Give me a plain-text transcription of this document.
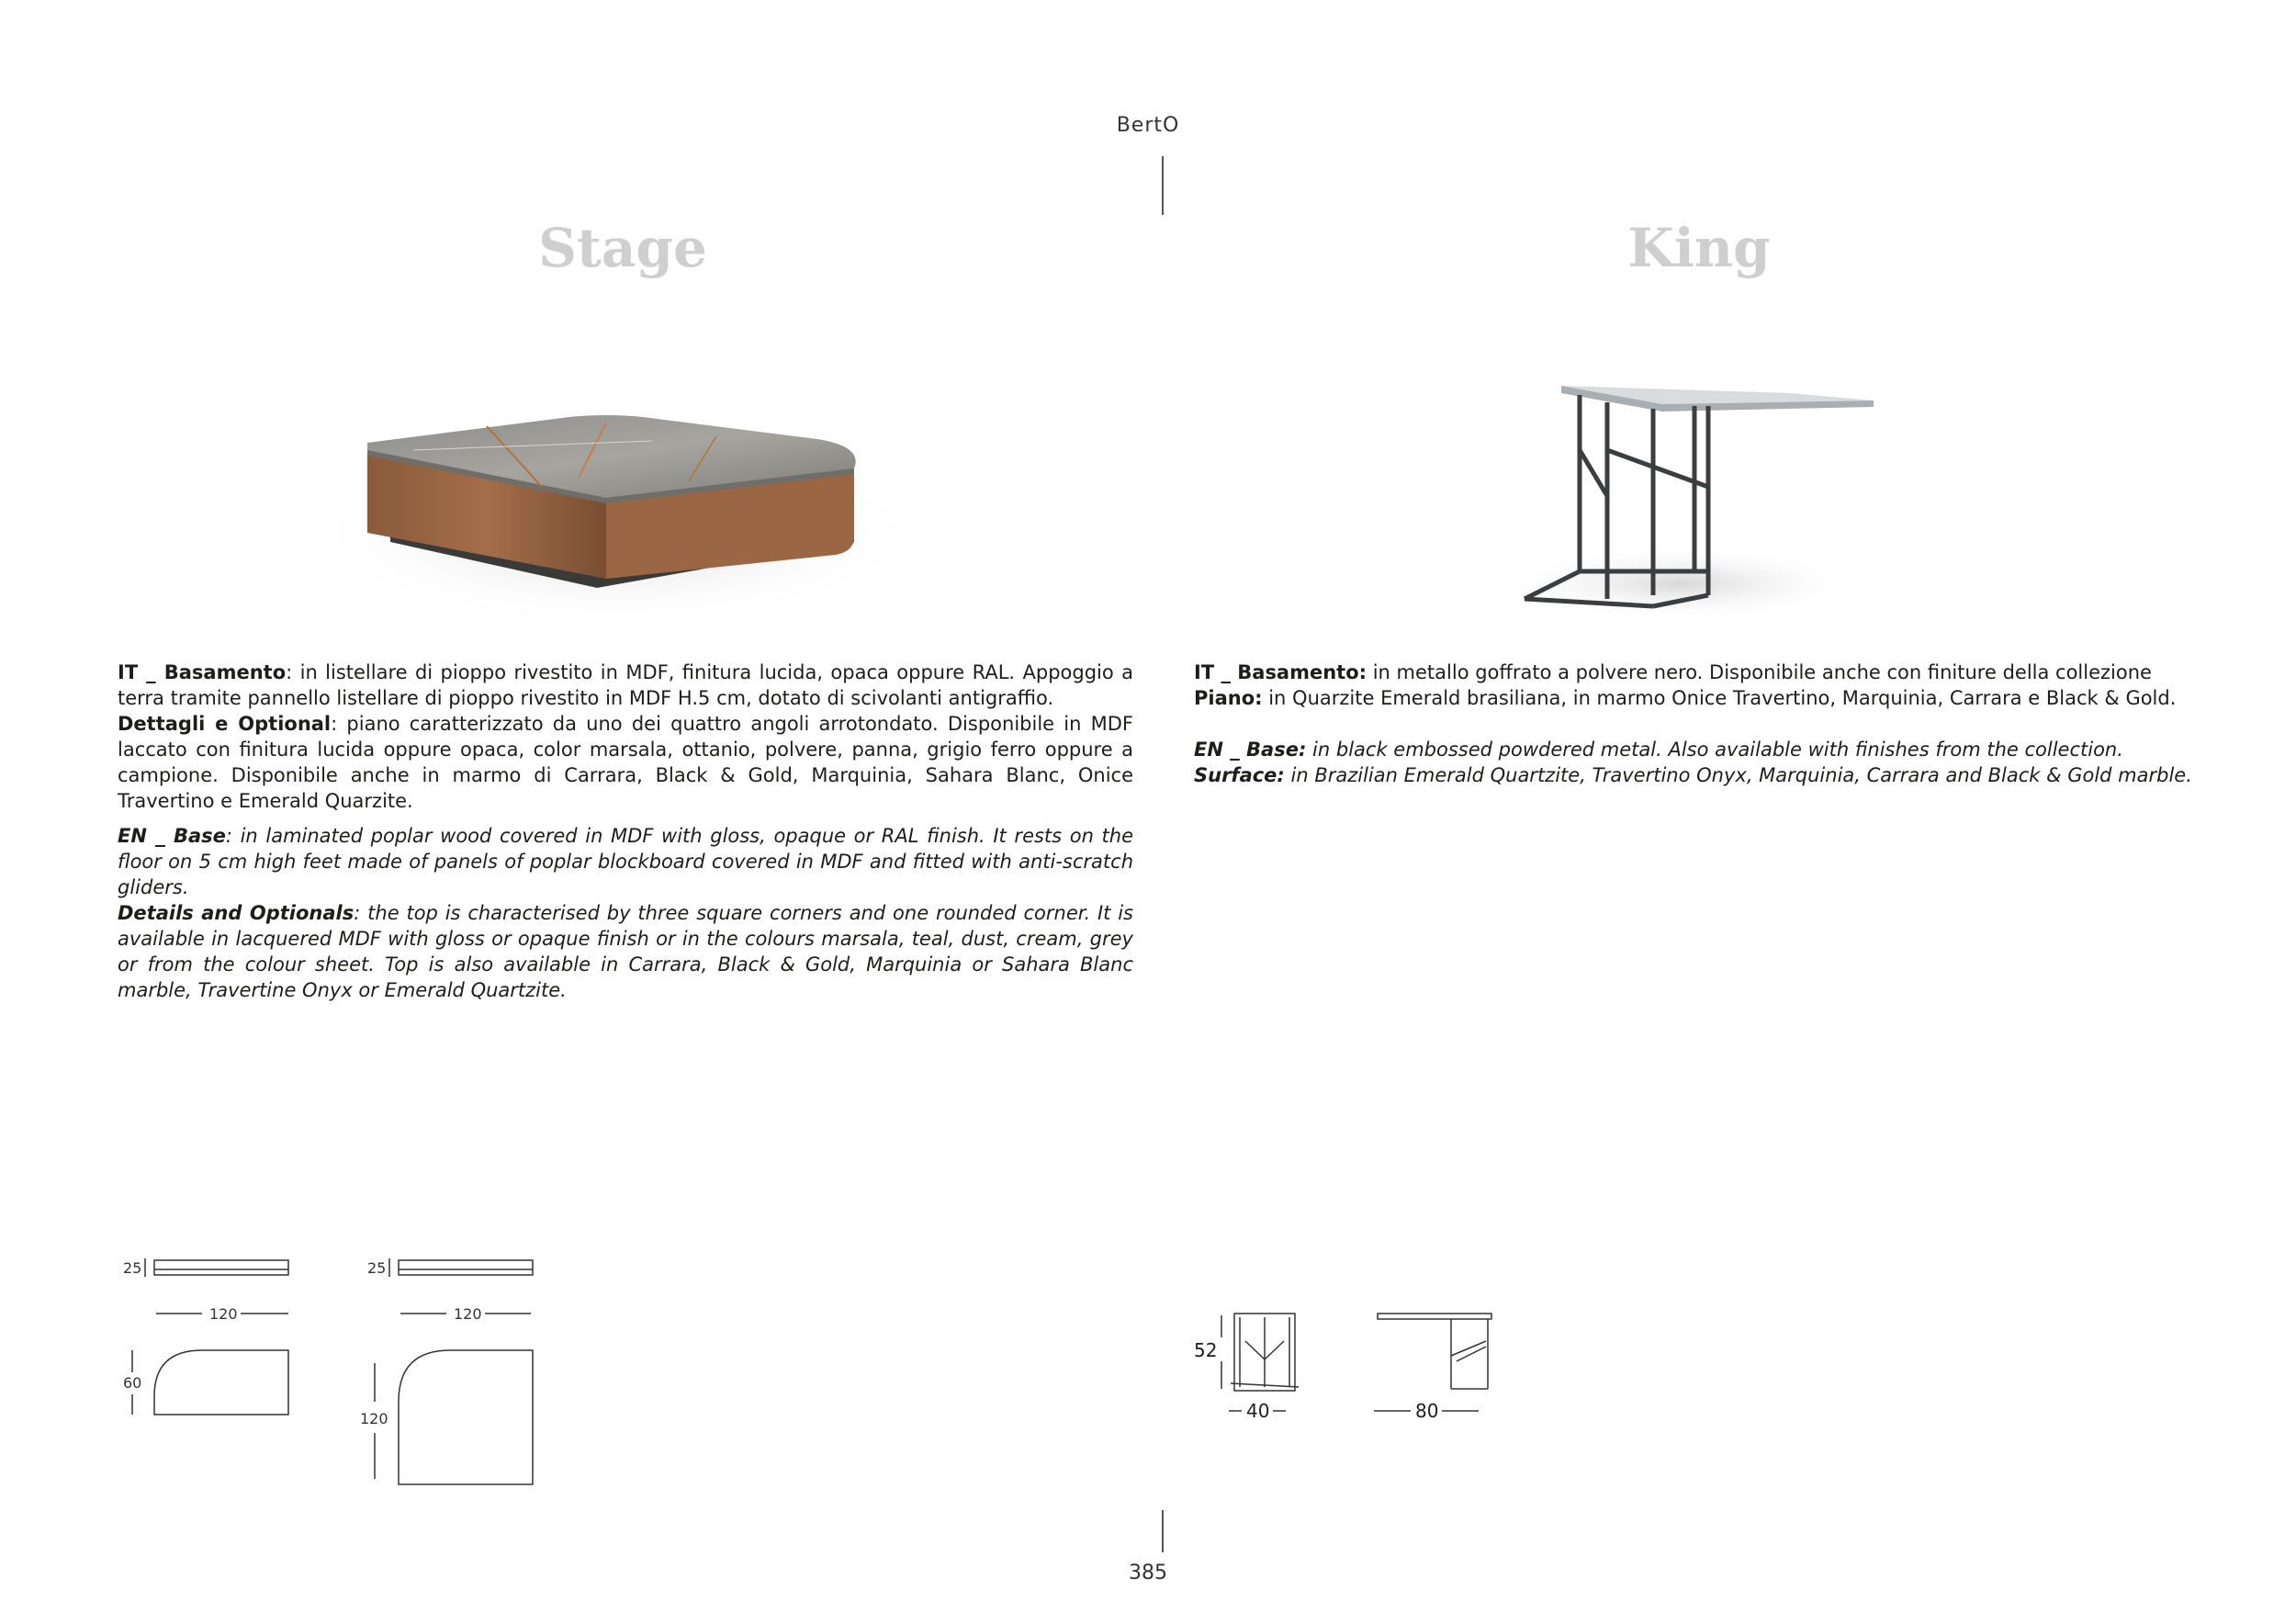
BertO
Stage	King

IT _ Basamento: in listellare di pioppo rivestito in MDF, finitura lucida, opaca oppure RAL. Appoggio a terra tramite pannello listellare di pioppo rivestito in MDF H.5 cm, dotato di scivolanti antigraffio.

Dettagli e Optional: piano caratterizzato da uno dei quattro angoli arrotondato. Disponibile in MDF laccato con finitura lucida oppure opaca, color marsala, ottanio, polvere, panna, grigio ferro oppure a campione. Disponibile anche in marmo di Carrara, Black & Gold, Marquinia, Sahara Blanc, Onice Travertino e Emerald Quarzite.

EN _ Base: in laminated poplar wood covered in MDF with gloss, opaque or RAL finish. It rests on the floor on 5 cm high feet made of panels of poplar blockboard covered in MDF and fitted with anti-scratch gliders.

Details and Optionals: the top is characterised by three square corners and one rounded corner. It is available in lacquered MDF with gloss or opaque finish or in the colours marsala, teal, dust, cream, grey or from the colour sheet. Top is also available in Carrara, Black & Gold, Marquinia or Sahara Blanc marble, Travertine Onyx or Emerald Quartzite.

IT _ Basamento: in metallo goffrato a polvere nero. Disponibile anche con finiture della collezione

Piano: in Quarzite Emerald brasiliana, in marmo Onice Travertino, Marquinia, Carrara e Black & Gold.

EN _ Base: in black embossed powdered metal. Also available with finishes from the collection.

Surface: in Brazilian Emerald Quartzite, Travertino Onyx, Marquinia, Carrara and Black & Gold marble.

25
120
60
25
120
120
52
40	80
385
